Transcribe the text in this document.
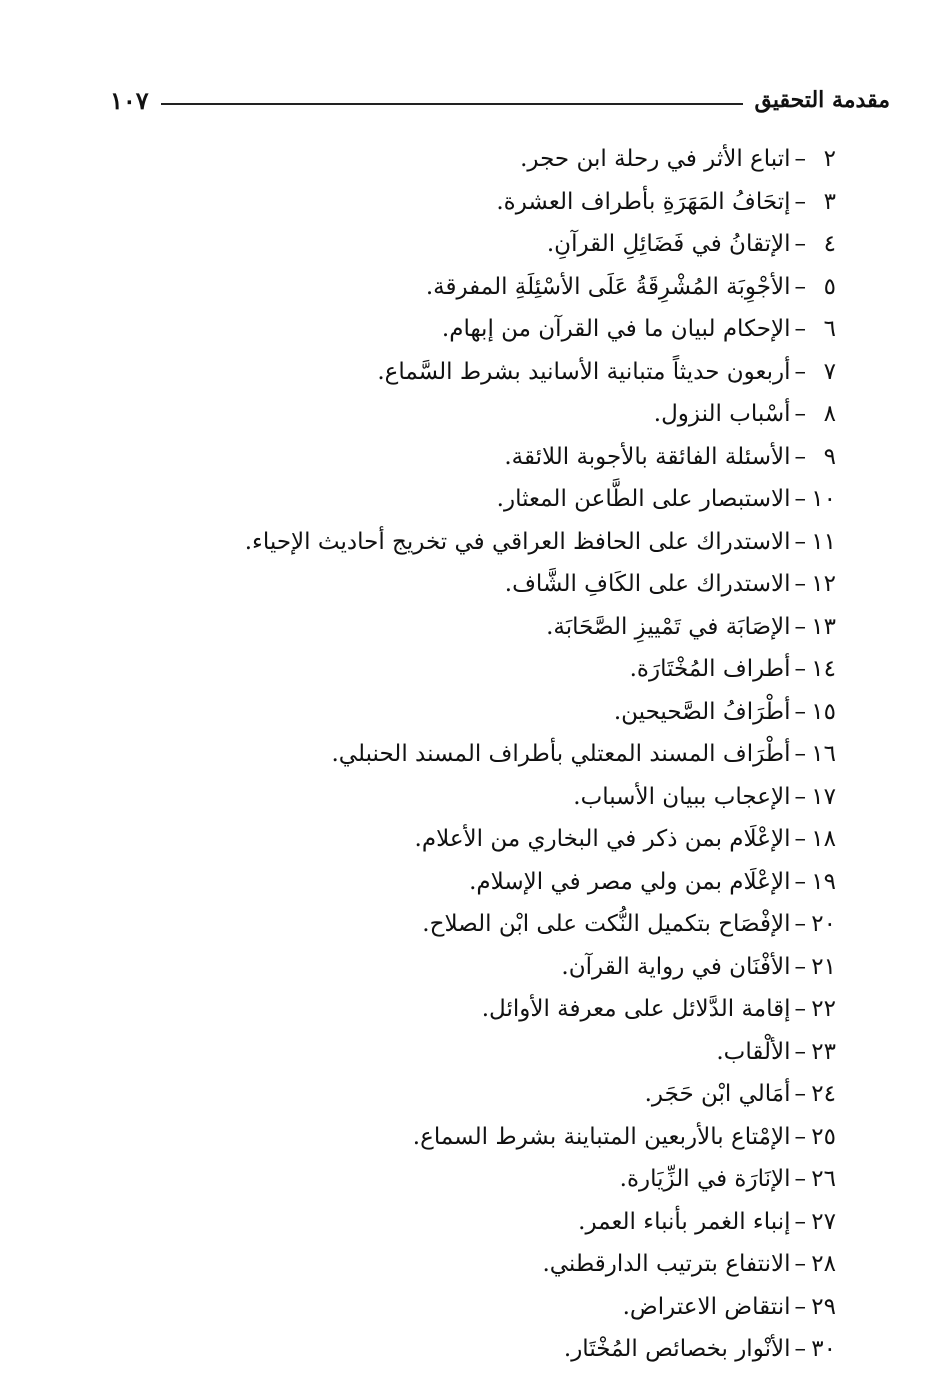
مقدمة التحقيق
١٠٧
٢–اتباع الأثر في رحلة ابن حجر.
٣–إتحَافُ المَهَرَةِ بأطراف العشرة.
٤–الإتقانُ في فَضَائِلِ القرآنِ.
٥–الأجْوِبَة المُشْرِقَةُ عَلَى الأسْئِلَةِ المفرقة.
٦–الإحكام لبيان ما في القرآن من إبهام.
٧–أربعون حديثاً متبانية الأسانيد بشرط السَّماع.
٨–أسْباب النزول.
٩–الأسئلة الفائقة بالأجوبة اللائقة.
١٠–الاستبصار على الطَّاعن المعثار.
١١–الاستدراك على الحافظ العراقي في تخريج أحاديث الإحياء.
١٢–الاستدراك على الكَافِ الشَّاف.
١٣–الإصَابَة في تَمْييزِ الصَّحَابَة.
١٤–أطراف المُخْتَارَة.
١٥–أطْرَافُ الصَّحيحين.
١٦–أطْرَاف المسند المعتلي بأطراف المسند الحنبلي.
١٧–الإعجاب ببيان الأسباب.
١٨–الإعْلَام بمن ذكر في البخاري من الأعلام.
١٩–الإعْلَام بمن ولي مصر في الإسلام.
٢٠–الإفْصَاح بتكميل النُّكت على ابْن الصلاح.
٢١–الأفْنَان في رواية القرآن.
٢٢–إقامة الدَّلائل على معرفة الأوائل.
٢٣–الألْقاب.
٢٤–أمَالي ابْن حَجَر.
٢٥–الإمْتاع بالأربعين المتباينة بشرط السماع.
٢٦–الإنَارَة في الزِّيَارة.
٢٧–إنباء الغمر بأنباء العمر.
٢٨–الانتفاع بترتيب الدارقطني.
٢٩–انتقاض الاعتراض.
٣٠–الأنْوار بخصائص المُخْتَار.
